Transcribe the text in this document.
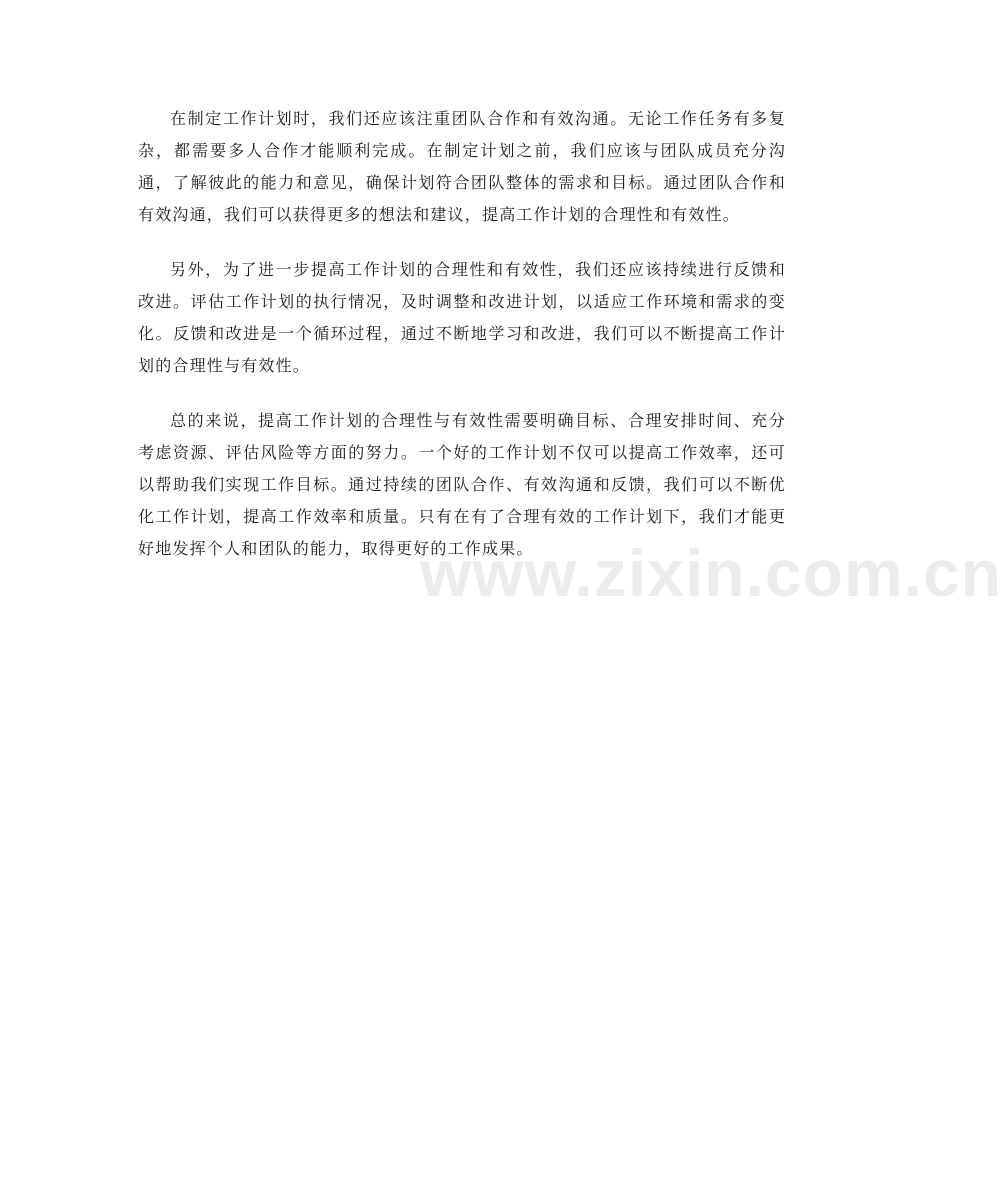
在制定工作计划时，我们还应该注重团队合作和有效沟通。无论工作任务有多复杂，都需要多人合作才能顺利完成。在制定计划之前，我们应该与团队成员充分沟通，了解彼此的能力和意见，确保计划符合团队整体的需求和目标。通过团队合作和有效沟通，我们可以获得更多的想法和建议，提高工作计划的合理性和有效性。

另外，为了进一步提高工作计划的合理性和有效性，我们还应该持续进行反馈和改进。评估工作计划的执行情况，及时调整和改进计划，以适应工作环境和需求的变化。反馈和改进是一个循环过程，通过不断地学习和改进，我们可以不断提高工作计划的合理性与有效性。

总的来说，提高工作计划的合理性与有效性需要明确目标、合理安排时间、充分考虑资源、评估风险等方面的努力。一个好的工作计划不仅可以提高工作效率，还可以帮助我们实现工作目标。通过持续的团队合作、有效沟通和反馈，我们可以不断优化工作计划，提高工作效率和质量。只有在有了合理有效的工作计划下，我们才能更好地发挥个人和团队的能力，取得更好的工作成果。

www.zixin.com.cn
